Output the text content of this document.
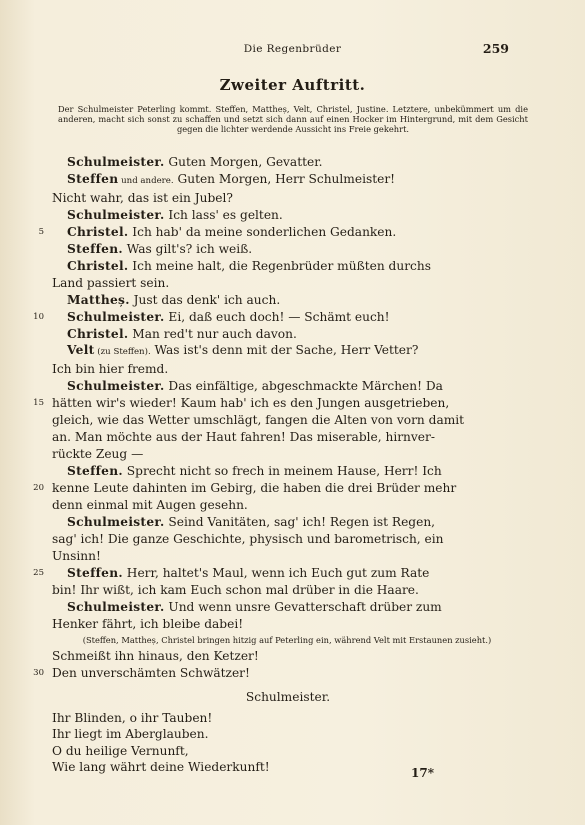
Die Regenbrüder	259
Zweiter Auftritt.
Der Schulmeister Peterling kommt. Steffen, Mattheș, Velt, Christel, Justine. Letztere, unbekümmert um die anderen, macht sich sonst zu schaffen und setzt sich dann auf einen Hocker im Hintergrund, mit dem Gesicht gegen die lichter werdende Aussicht ins Freie gekehrt.
Schulmeister. Guten Morgen, Gevatter.
Steffen und andere. Guten Morgen, Herr Schulmeister!
Nicht wahr, das ist ein Jubel?
Schulmeister. Ich lass' es gelten.
5 Christel. Ich hab' da meine sonderlichen Gedanken.
Steffen. Was gilt's? ich weiß.
Christel. Ich meine halt, die Regenbrüder müßten durchs
Land passiert sein.
Mattheș. Just das denk' ich auch.
10 Schulmeister. Ei, daß euch doch! — Schämt euch!
Christel. Man red't nur auch davon.
Velt (zu Steffen). Was ist's denn mit der Sache, Herr Vetter?
Ich bin hier fremd.
Schulmeister. Das einfältige, abgeschmackte Märchen! Da
15 hätten wir's wieder! Kaum hab' ich es den Jungen ausgetrieben,
gleich, wie das Wetter umschlägt, fangen die Alten von vorn damit
an. Man möchte aus der Haut fahren! Das miserable, hirnver-
rückte Zeug —
Steffen. Sprecht nicht so frech in meinem Hause, Herr! Ich
20 kenne Leute dahinten im Gebirg, die haben die drei Brüder mehr
denn einmal mit Augen gesehn.
Schulmeister. Seind Vanitäten, sag' ich! Regen ist Regen,
sag' ich! Die ganze Geschichte, physisch und barometrisch, ein
Unsinn!
25 Steffen. Herr, haltet's Maul, wenn ich Euch gut zum Rate
bin! Ihr wißt, ich kam Euch schon mal drüber in die Haare.
Schulmeister. Und wenn unsre Gevatterschaft drüber zum
Henker fährt, ich bleibe dabei!
(Steffen, Mattheș, Christel bringen hitzig auf Peterling ein, während Velt mit Erstaunen zusieht.)
Schmeißt ihn hinaus, den Ketzer!
30 Den unverschämten Schwätzer!
Schulmeister.
Ihr Blinden, o ihr Tauben!
Ihr liegt im Aberglauben.
O du heilige Vernunft,
Wie lang währt deine Wiederkunft!	17*
